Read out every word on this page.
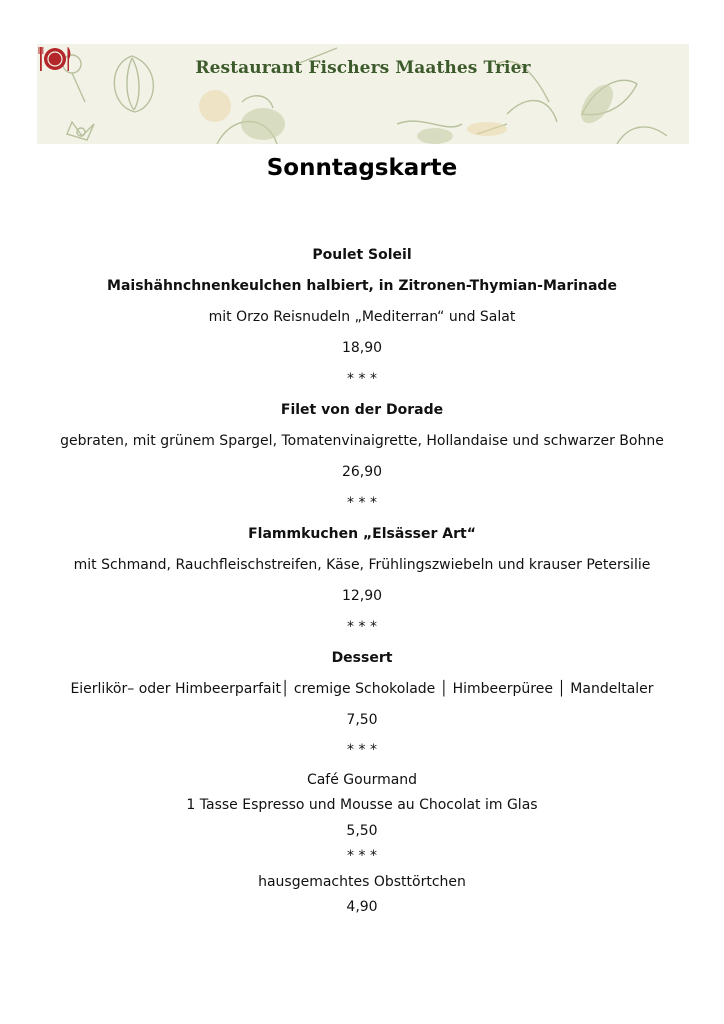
Restaurant Fischers Maathes Trier
Sonntagskarte
Poulet Soleil
Maishähnchnenkeulchen halbiert, in Zitronen-Thymian-Marinade
mit Orzo Reisnudeln „Mediterran“ und Salat
18,90
* * *
Filet von der Dorade
gebraten, mit grünem Spargel, Tomatenvinaigrette, Hollandaise und schwarzer Bohne
26,90
* * *
Flammkuchen „Elsässer Art“
mit Schmand, Rauchfleischstreifen, Käse, Frühlingszwiebeln und krauser Petersilie
12,90
* * *
Dessert
Eierlikör– oder Himbeerparfait│ cremige Schokolade │ Himbeerpüree │ Mandeltaler
7,50
* * *
Café Gourmand
1 Tasse Espresso und Mousse au Chocolat im Glas
5,50
* * *
hausgemachtes Obsttörtchen
4,90
